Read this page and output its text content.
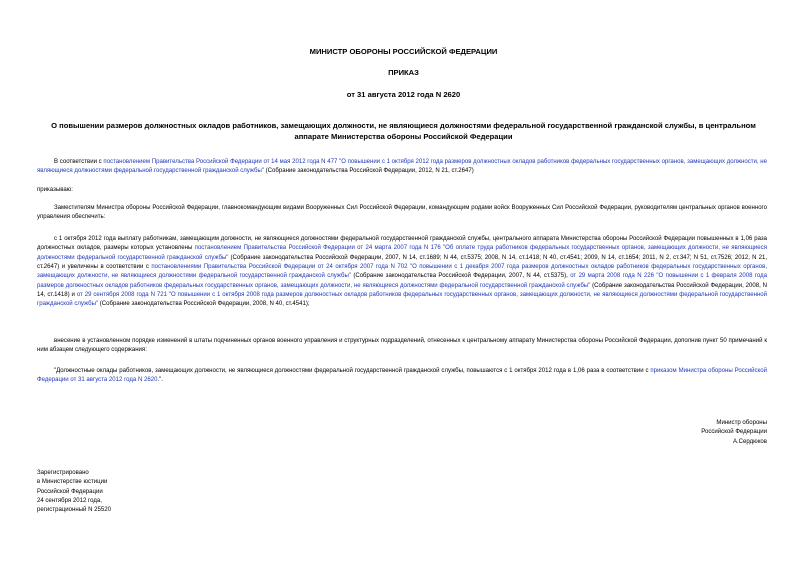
МИНИСТР ОБОРОНЫ РОССИЙСКОЙ ФЕДЕРАЦИИ
ПРИКАЗ
от 31 августа 2012 года N 2620
О повышении размеров должностных окладов работников, замещающих должности, не являющиеся должностями федеральной государственной гражданской службы, в центральном аппарате Министерства обороны Российской Федерации
В соответствии с постановлением Правительства Российской Федерации от 14 мая 2012 года N 477 "О повышении с 1 октября 2012 года размеров должностных окладов работников федеральных государственных органов, замещающих должности, не являющиеся должностями федеральной государственной гражданской службы" (Собрание законодательства Российской Федерации, 2012, N 21, ст.2647)
приказываю:
Заместителям Министра обороны Российской Федерации, главнокомандующим видами Вооруженных Сил Российской Федерации, командующим родами войск Вооруженных Сил Российской Федерации, руководителям центральных органов военного управления обеспечить:
с 1 октября 2012 года выплату работникам, замещающим должности, не являющиеся должностями федеральной государственной гражданской службы, центрального аппарата Министерства обороны Российской Федерации повышенных в 1,06 раза должностных окладов, размеры которых установлены постановлением Правительства Российской Федерации от 24 марта 2007 года N 176 "Об оплате труда работников федеральных государственных органов, замещающих должности, не являющиеся должностями федеральной государственной гражданской службы" (Собрание законодательства Российской Федерации, 2007, N 14, ст.1689; N 44, ст.5375; 2008, N 14, ст.1418; N 40, ст.4541; 2009, N 14, ст.1654; 2011, N 2, ст.347; N 51, ст.7526; 2012, N 21, ст.2647) и увеличены в соответствии с постановлениями Правительства Российской Федерации от 24 октября 2007 года N 702 "О повышении с 1 декабря 2007 года размеров должностных окладов работников федеральных государственных органов, замещающих должности, не являющиеся должностями федеральной государственной гражданской службы" (Собрание законодательства Российской Федерации, 2007, N 44, ст.5375), от 29 марта 2008 года N 226 "О повышении с 1 февраля 2008 года размеров должностных окладов работников федеральных государственных органов, замещающих должности, не являющиеся должностями федеральной государственной гражданской службы" (Собрание законодательства Российской Федерации, 2008, N 14, ст.1418) и от 29 сентября 2008 года N 721 "О повышении с 1 октября 2008 года размеров должностных окладов работников федеральных государственных органов, замещающих должности, не являющиеся должностями федеральной государственной гражданской службы" (Собрание законодательства Российской Федерации, 2008, N 40, ст.4541);
внесение в установленном порядке изменений в штаты подчиненных органов военного управления и структурных подразделений, отнесенных к центральному аппарату Министерства обороны Российской Федерации, дополнив пункт 50 примечаний к ним абзацем следующего содержания:
"Должностные оклады работников, замещающих должности, не являющиеся должностями федеральной государственной гражданской службы, повышаются с 1 октября 2012 года в 1,06 раза в соответствии с приказом Министра обороны Российской Федерации от 31 августа 2012 года N 2620.".
Министр обороны
Российской Федерации
А.Сердюков
Зарегистрировано
в Министерстве юстиции
Российской Федерации
24 сентября 2012 года,
регистрационный N 25520
